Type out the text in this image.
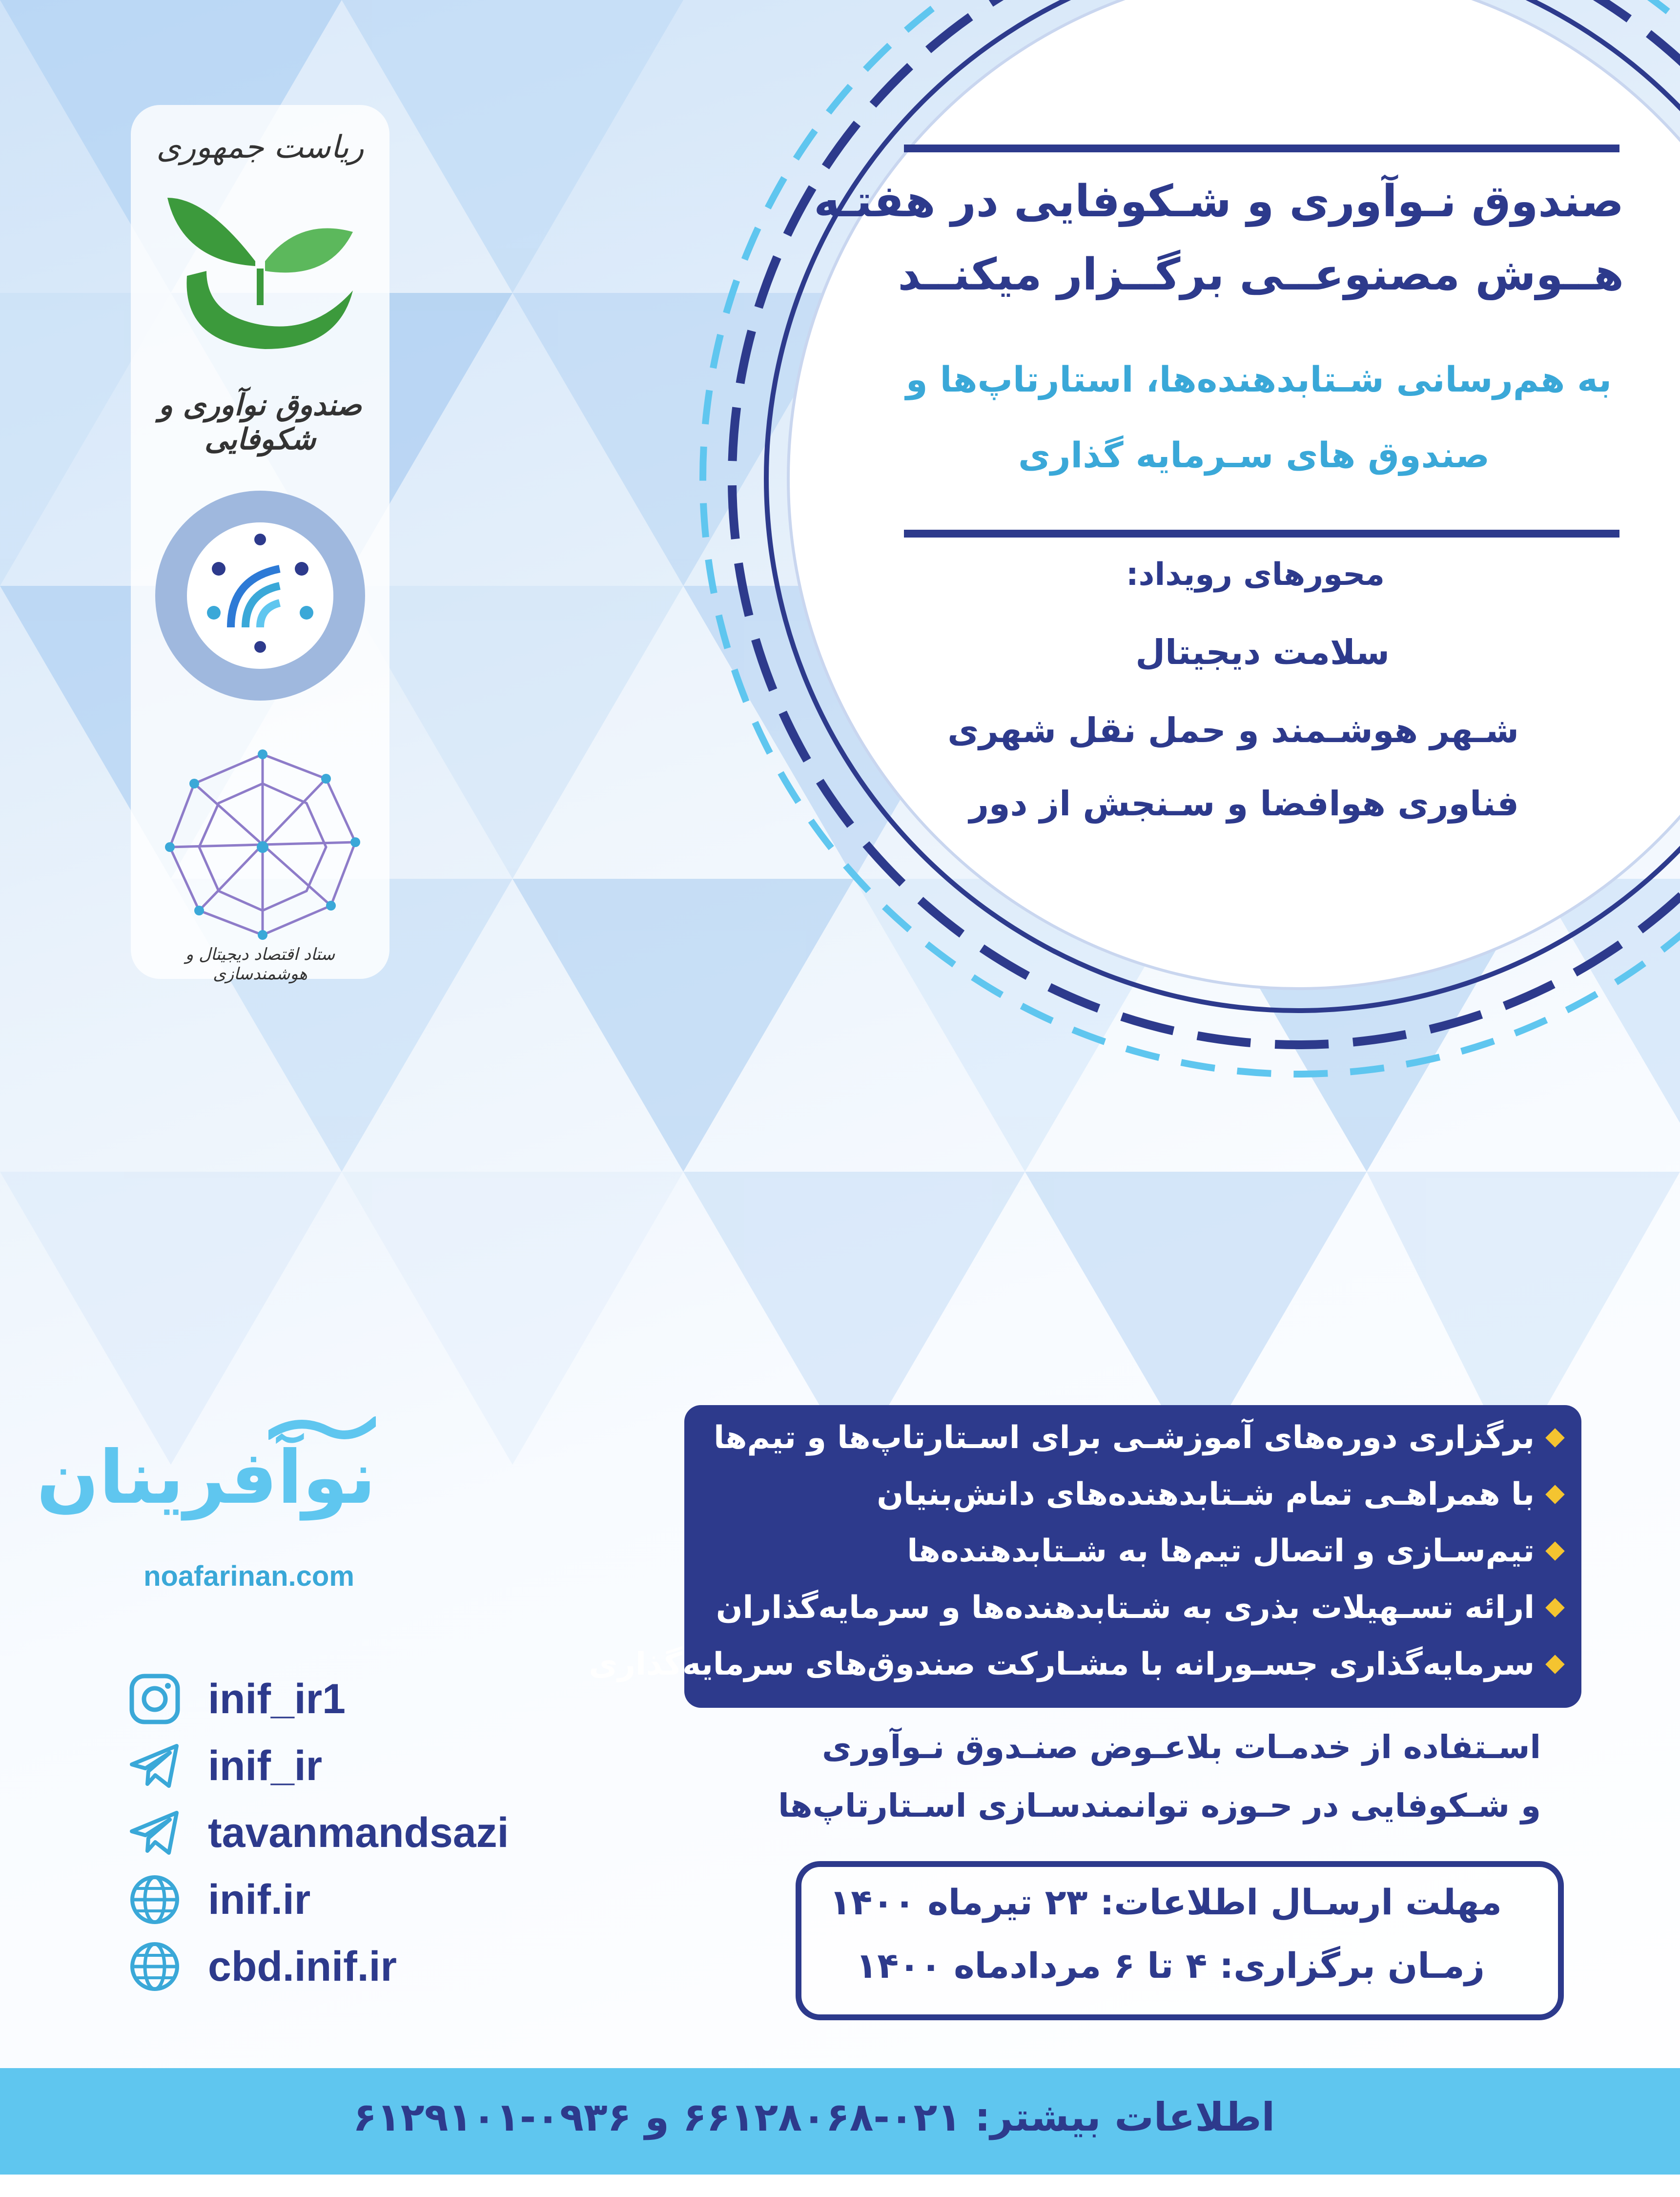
ریاست جمهوری
صندوق نوآوری و شکوفایی
ستاد اقتصاد دیجیتال و هوشمندسازی
صندوق نـوآوری و شـکوفایی در هفتـه
هــوش مصنوعــی برگــزار میکنــد
به هم‌رسانی شـتابدهنده‌ها، استارتاپ‌ها و
صندوق های سـرمایه گذاری
محورهای رویداد:
سلامت دیجیتال
شـهر هوشـمند و حمل نقل شهری
فناوری هوافضا و سـنجش از دور
نوآفرینان
noafarinan.com
برگزاری دوره‌های آموزشـی برای اسـتارتاپ‌ها و تیم‌ها
با همراهـی تمام شـتابدهنده‌های دانش‌بنیان
تیم‌سـازی و اتصال تیم‌ها به شـتابدهنده‌ها
ارائه تسـهیلات بذری به شـتابدهنده‌ها و سرمایه‌گذاران
سرمایه‌گذاری جسـورانه با مشـارکت صندوق‌های سرمایه‌گذاری
اسـتفاده از خدمـات بلاعـوض صنـدوق نـوآوری
و شـکوفایی در حـوزه توانمندسـازی اسـتارتاپ‌ها
مهلت ارسـال اطلاعات: ۲۳ تیرماه ۱۴۰۰
زمـان برگزاری: ۴ تا ۶ مردادماه ۱۴۰۰
inif_ir1
inif_ir
tavanmandsazi
inif.ir
cbd.inif.ir
اطلاعات بیشتر: ۰۲۱-۶۶۱۲۸۰۶۸ و ۰۹۳۶-۶۱۲۹۱۰۱
